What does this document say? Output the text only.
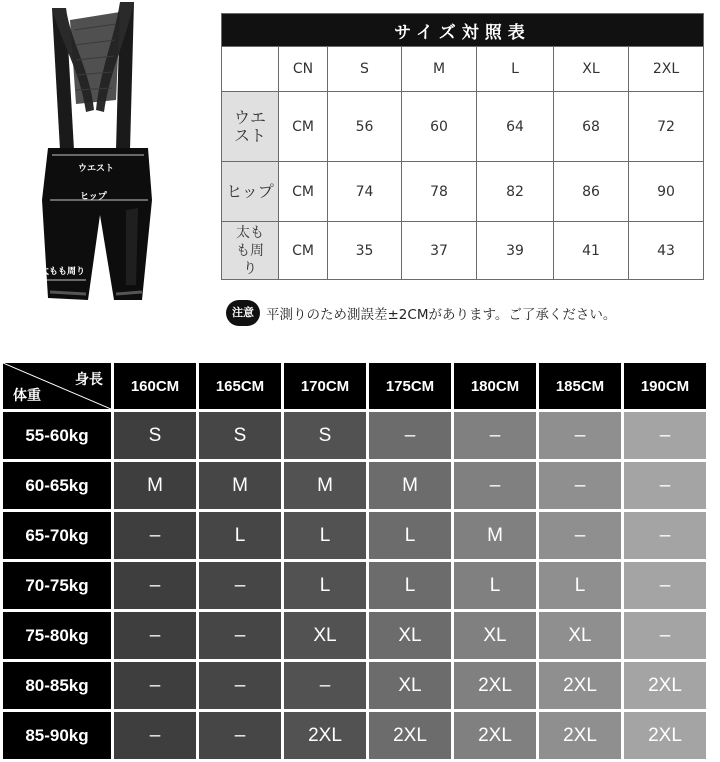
ウエスト
ヒップ
太もも周り
サイズ対照表						
	CN	S	M	L	XL	2XL
ウエスト	CM	56	60	64	68	72
ヒップ	CM	74	78	82	86	90
太もも周り	CM	35	37	39	41	43
注意 平測りのため測誤差±2CMがあります。ご了承ください。
身長
体重	160CM	165CM	170CM	175CM	180CM	185CM	190CM
55-60kg	S	S	S	–	–	–	–
60-65kg	M	M	M	M	–	–	–
65-70kg	–	L	L	L	M	–	–
70-75kg	–	–	L	L	L	L	–
75-80kg	–	–	XL	XL	XL	XL	–
80-85kg	–	–	–	XL	2XL	2XL	2XL
85-90kg	–	–	2XL	2XL	2XL	2XL	2XL
